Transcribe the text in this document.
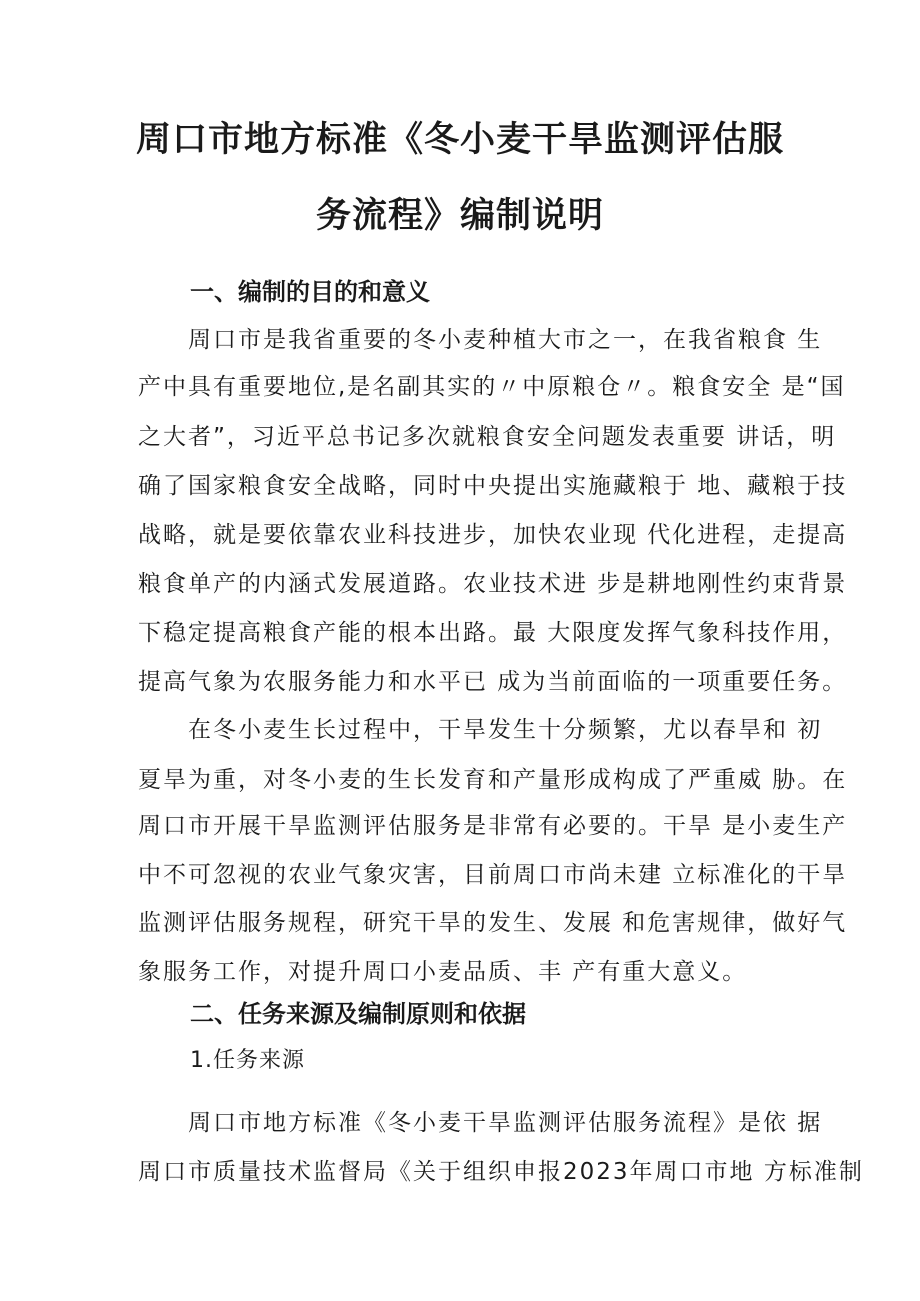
周口市地方标准《冬小麦干旱监测评估服
务流程》编制说明
一、编制的目的和意义
周口市是我省重要的冬小麦种植大市之一，在我省粮食 生
产中具有重要地位,是名副其实的〃中原粮仓〃。粮食安全 是“国
之大者”，习近平总书记多次就粮食安全问题发表重要 讲话，明
确了国家粮食安全战略，同时中央提出实施藏粮于 地、藏粮于技
战略，就是要依靠农业科技进步，加快农业现 代化进程，走提高
粮食单产的内涵式发展道路。农业技术进 步是耕地刚性约束背景
下稳定提高粮食产能的根本出路。最 大限度发挥气象科技作用，
提高气象为农服务能力和水平已 成为当前面临的一项重要任务。
在冬小麦生长过程中，干旱发生十分频繁，尤以春旱和 初
夏旱为重，对冬小麦的生长发育和产量形成构成了严重威 胁。在
周口市开展干旱监测评估服务是非常有必要的。干旱 是小麦生产
中不可忽视的农业气象灾害，目前周口市尚未建 立标准化的干旱
监测评估服务规程，研究干旱的发生、发展 和危害规律，做好气
象服务工作，对提升周口小麦品质、丰 产有重大意义。
二、任务来源及编制原则和依据
1.任务来源
周口市地方标准《冬小麦干旱监测评估服务流程》是依 据
周口市质量技术监督局《关于组织申报2023年周口市地 方标准制
